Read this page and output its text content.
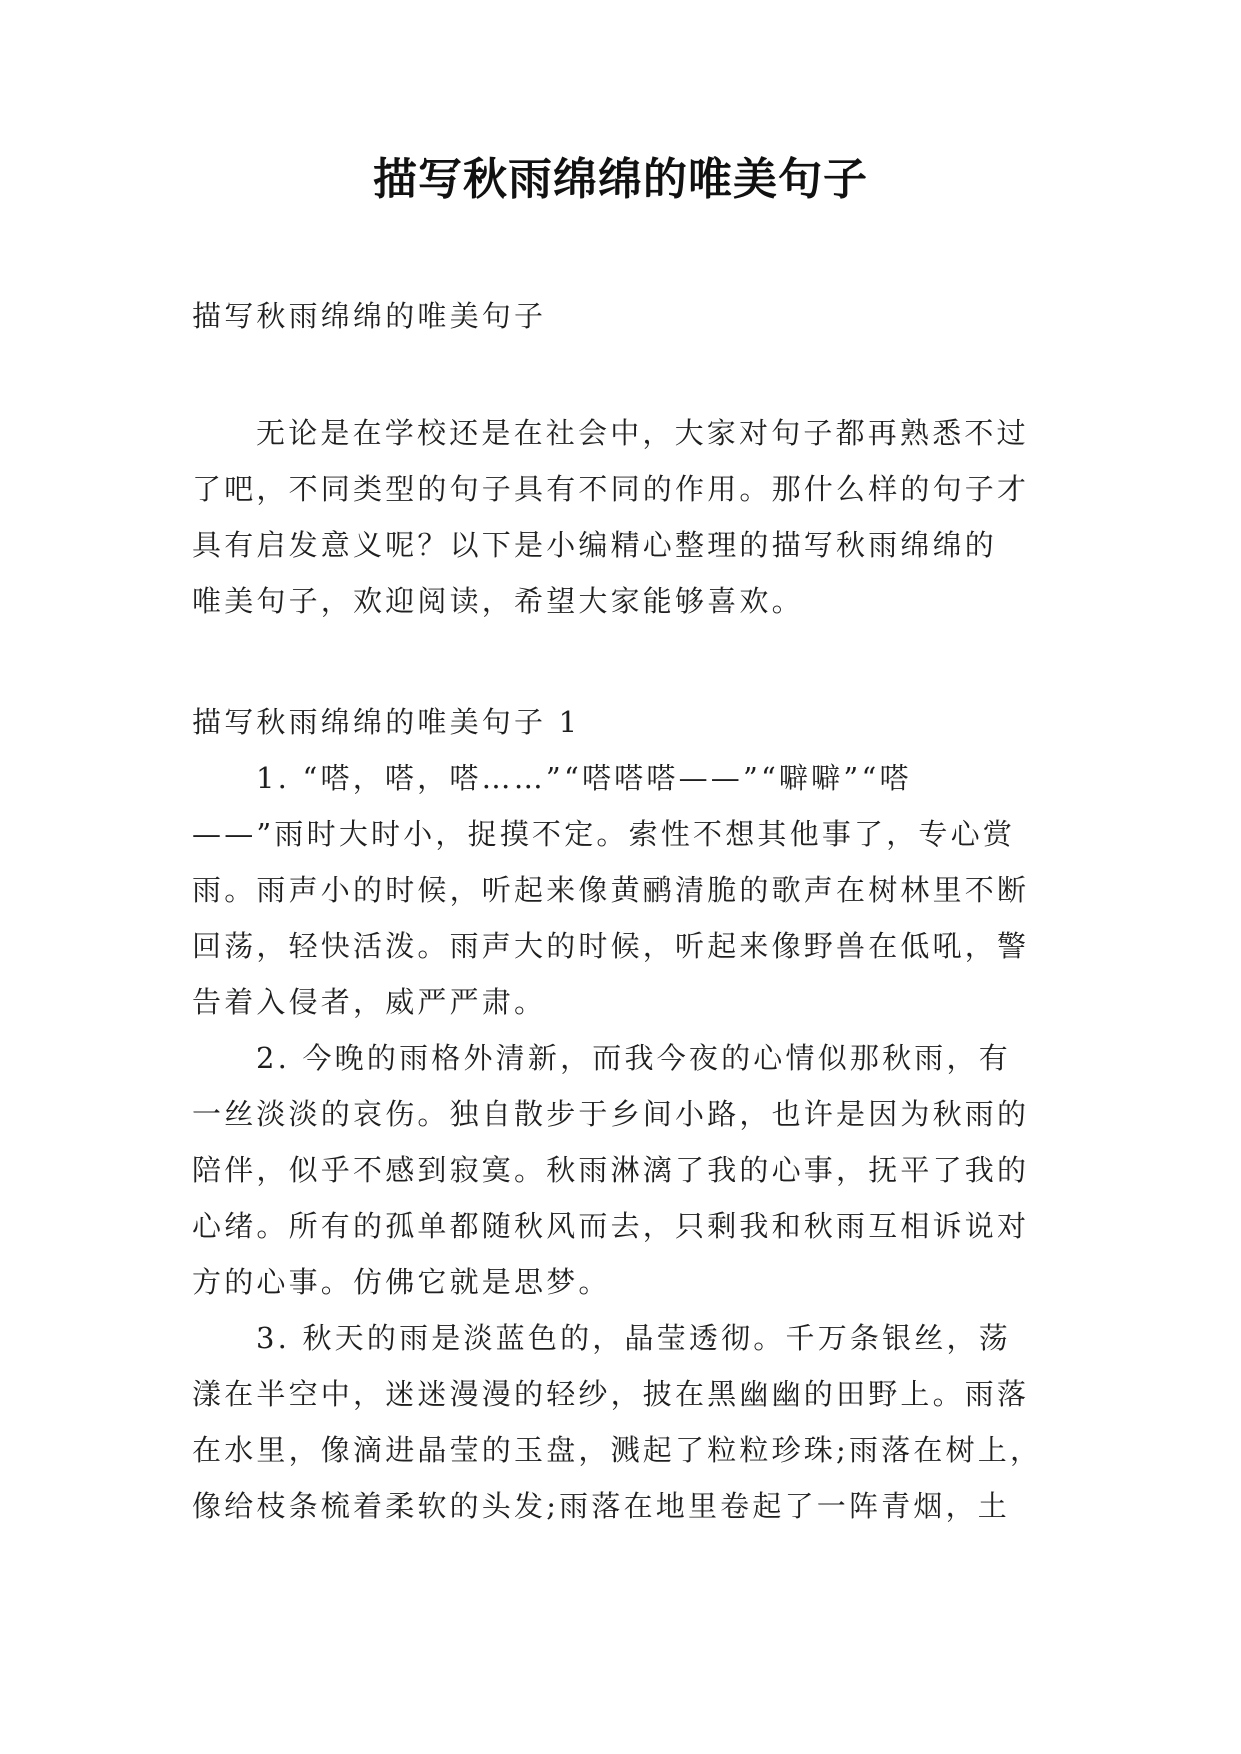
描写秋雨绵绵的唯美句子

描写秋雨绵绵的唯美句子

无论是在学校还是在社会中，大家对句子都再熟悉不过
了吧，不同类型的句子具有不同的作用。那什么样的句子才
具有启发意义呢？以下是小编精心整理的描写秋雨绵绵的
唯美句子，欢迎阅读，希望大家能够喜欢。

描写秋雨绵绵的唯美句子 1

1. “嗒，嗒，嗒……”“嗒嗒嗒——”“噼噼”“嗒
——”雨时大时小，捉摸不定。索性不想其他事了，专心赏
雨。雨声小的时候，听起来像黄鹂清脆的歌声在树林里不断
回荡，轻快活泼。雨声大的时候，听起来像野兽在低吼，警
告着入侵者，威严严肃。
2. 今晚的雨格外清新，而我今夜的心情似那秋雨，有
一丝淡淡的哀伤。独自散步于乡间小路，也许是因为秋雨的
陪伴，似乎不感到寂寞。秋雨淋漓了我的心事，抚平了我的
心绪。所有的孤单都随秋风而去，只剩我和秋雨互相诉说对
方的心事。仿佛它就是思梦。
3. 秋天的雨是淡蓝色的，晶莹透彻。千万条银丝，荡
漾在半空中，迷迷漫漫的轻纱，披在黑幽幽的田野上。雨落
在水里，像滴进晶莹的玉盘，溅起了粒粒珍珠;雨落在树上，
像给枝条梳着柔软的头发;雨落在地里卷起了一阵青烟，土
